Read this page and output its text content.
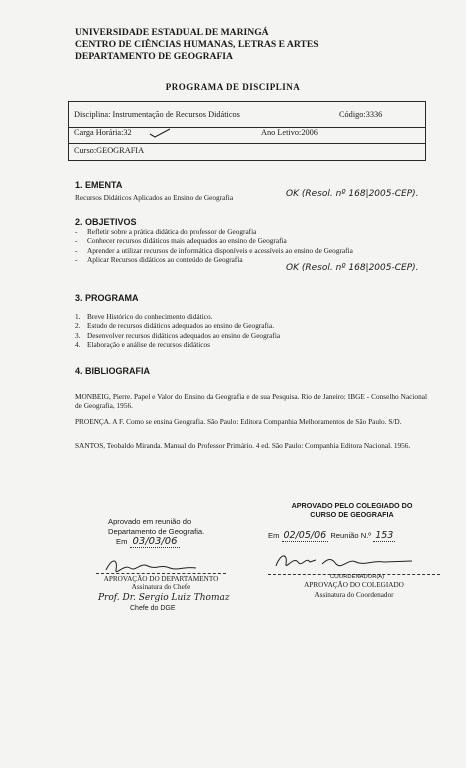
UNIVERSIDADE ESTADUAL DE MARINGÁ
CENTRO DE CIÊNCIAS HUMANAS, LETRAS E ARTES
DEPARTAMENTO DE GEOGRAFIA
PROGRAMA DE DISCIPLINA
Disciplina: Instrumentação de Recursos Didáticos	Código:3336
Carga Horária:32	Ano Letivo:2006
Curso:GEOGRAFIA
1. EMENTA
Recursos Didáticos Aplicados ao Ensino de Geografia	OK (Resol. nº 168|2005-CEP).
2. OBJETIVOS
-	Refletir sobre a prática didática do professor de Geografia
-	Conhecer recursos didáticos mais adequados ao ensino de Geografia
-	Aprender a utilizar recursos de informática disponíveis e acessíveis ao ensino de Geografia
-	Aplicar Recursos didáticos ao conteúdo de Geografia
OK (Resol. nº 168|2005-CEP).
3. PROGRAMA
1. Breve Histórico do conhecimento didático.
2. Estudo de recursos didáticos adequados ao ensino de Geografia.
3. Desenvolver recursos didáticos adequados ao ensino de Geografia
4. Elaboração e análise de recursos didáticos
4. BIBLIOGRAFIA
MONBEIG, Pierre. Papel e Valor do Ensino da Geografia e de sua Pesquisa. Rio de Janeiro: IBGE - Conselho Nacional de Geografia, 1956.
PROENÇA. A F. Como se ensina Geografia. São Paulo: Editora Companhia Melhoramentos de São Paulo. S/D.
SANTOS, Teobaldo Miranda. Manual do Professor Primário. 4 ed. São Paulo: Companhia Editora Nacional. 1956.
Aprovado em reunião do
Departamento de Geografia.
Em 03/03/06
APROVAÇÃO DO DEPARTAMENTO
Assinatura do Chefe
Prof. Dr. Sergio Luiz Thomaz
Chefe do DGE
APROVADO PELO COLEGIADO DO
CURSO DE GEOGRAFIA
Em 02/05/06 Reunião N.º 153
COORDENADOR(A)
APROVAÇÃO DO COLEGIADO
Assinatura do Coordenador
